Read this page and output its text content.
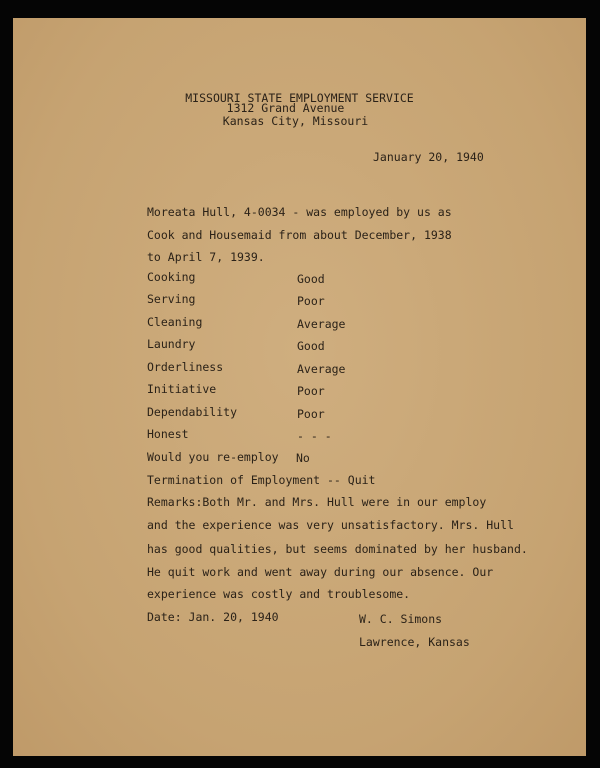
MISSOURI STATE EMPLOYMENT SERVICE
1312 Grand Avenue
Kansas City, Missouri
January 20, 1940
Moreata Hull, 4-0034 - was employed by us as
Cook and Housemaid from about December, 1938
to April 7, 1939.
Cooking	Good
Serving	Poor
Cleaning	Average
Laundry	Good
Orderliness	Average
Initiative	Poor
Dependability	Poor
Honest	- - -
Would you re-employ No
Termination of Employment -- Quit
Remarks:Both Mr. and Mrs. Hull were in our employ
and the experience was very unsatisfactory. Mrs. Hull
has good qualities, but seems dominated by her husband.
He quit work and went away during our absence. Our
experience was costly and troublesome.
Date: Jan. 20, 1940	W. C. Simons
Lawrence, Kansas
